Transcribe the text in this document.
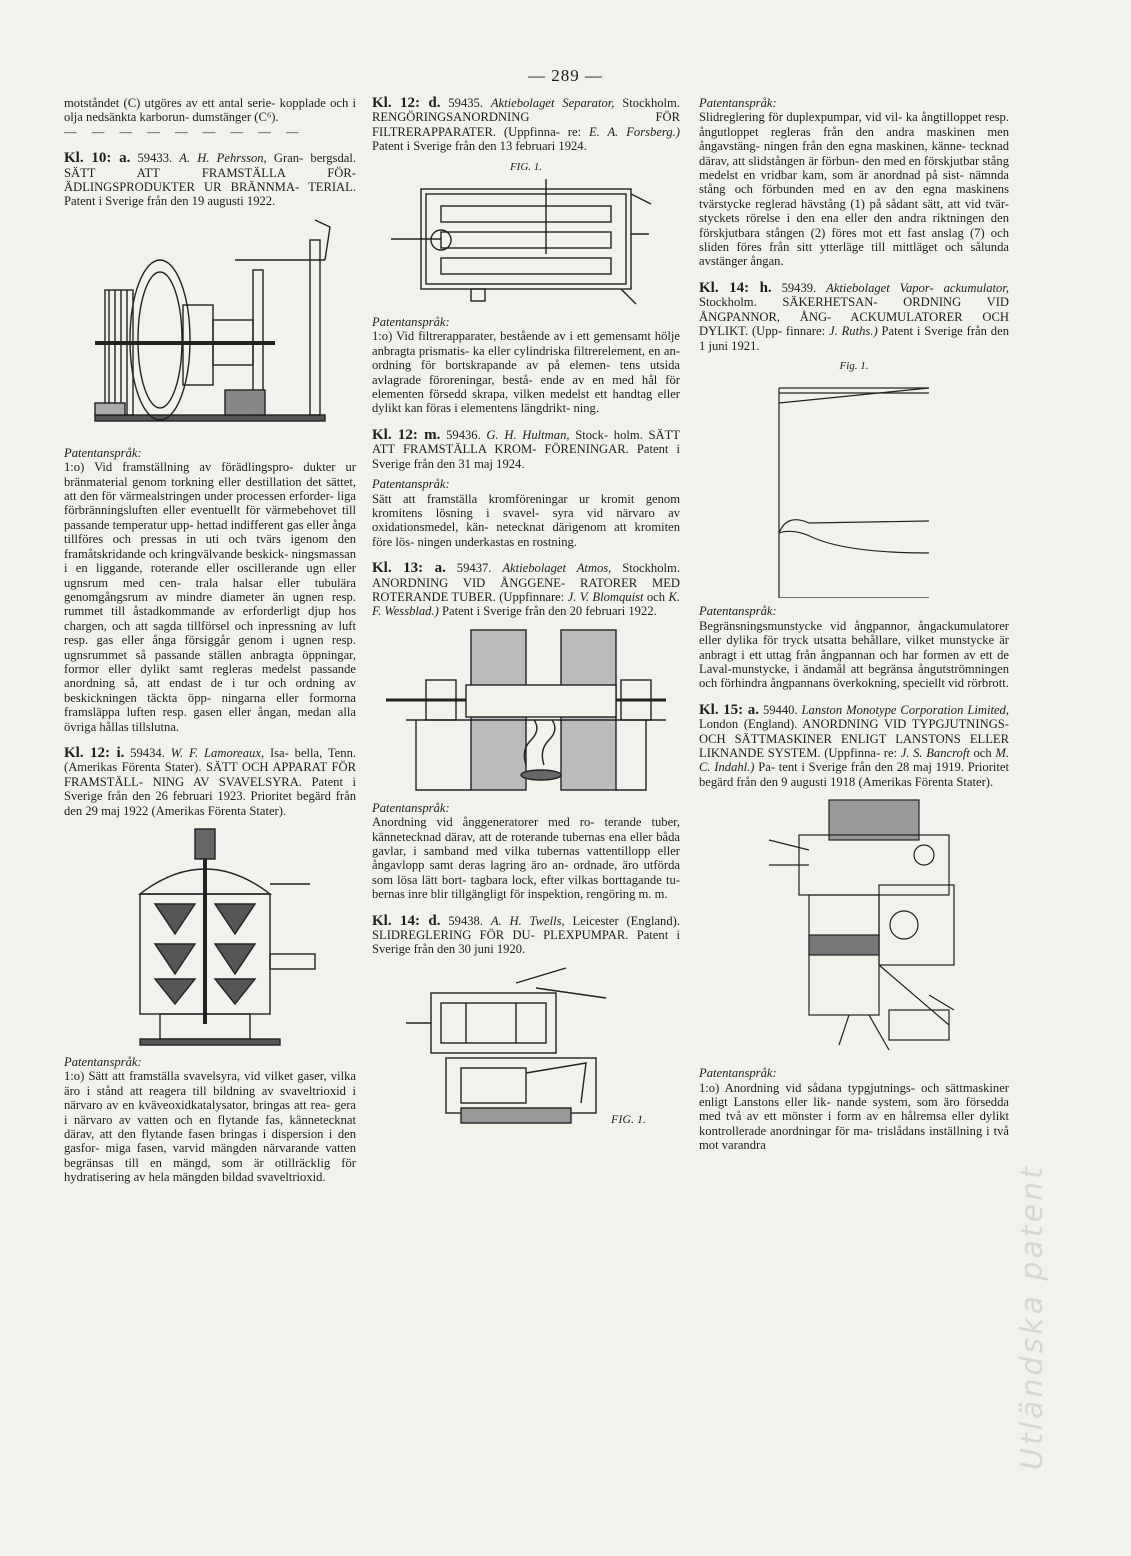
— 289 —

motståndet (C) utgöres av ett antal serie- kopplade och i olja nedsänkta karborun- dumstänger (C⁶).

— — — — — — — — —

Kl. 10: a. 59433. A. H. Pehrsson, Gran- bergsdal. SÄTT ATT FRAMSTÄLLA FÖR- ÄDLINGSPRODUKTER UR BRÄNNMA- TERIAL. Patent i Sverige från den 19 augusti 1922.

Patentanspråk:

1:o) Vid framställning av förädlingspro- dukter ur bränmaterial genom torkning eller destillation det sättet, att den för värmealstringen under processen erforder- liga förbränningsluften eller eventuellt för värmebehovet till passande temperatur upp- hettad indifferent gas eller ånga tillföres och pressas in uti och tvärs igenom den framåtskridande och kringvälvande beskick- ningsmassan i en liggande, roterande eller oscillerande ugn eller ugnsrum med cen- trala halsar eller tubulära genomgångsrum av mindre diameter än ugnen resp. rummet till åstadkommande av erforderligt djup hos chargen, och att sagda tillförsel och inpressning av luft resp. gas eller ånga försiggår genom i ugnen resp. ugnsrummet så passande ställen anbragta öppningar, formor eller dylikt samt regleras medelst passande anordning så, att endast de i tur och ordning av beskickningen täckta öpp- ningarna eller formorna framsläppa luften resp. gasen eller ångan, medan alla övriga hållas tillslutna.

Kl. 12: i. 59434. W. F. Lamoreaux, Isa- bella, Tenn. (Amerikas Förenta Stater). SÄTT OCH APPARAT FÖR FRAMSTÄLL- NING AV SVAVELSYRA. Patent i Sverige från den 26 februari 1923. Prioritet begärd från den 29 maj 1922 (Amerikas Förenta Stater).

Patentanspråk:

1:o) Sätt att framställa svavelsyra, vid vilket gaser, vilka äro i stånd att reagera till bildning av svaveltrioxid i närvaro av en kväveoxidkatalysator, bringas att rea- gera i närvaro av vatten och en flytande fas, kännetecknat därav, att den flytande fasen bringas i dispersion i den gasfor- miga fasen, varvid mängden närvarande vatten begränsas till en mängd, som är otillräcklig för hydratisering av hela mängden bildad svaveltrioxid.

Kl. 12: d. 59435. Aktiebolaget Separator, Stockholm. RENGÖRINGSANORDNING FÖR FILTRERAPPARATER. (Uppfinna- re: E. A. Forsberg.) Patent i Sverige från den 13 februari 1924.
FIG. 1.

Patentanspråk:

1:o) Vid filtrerapparater, bestående av i ett gemensamt hölje anbragta prismatis- ka eller cylindriska filtrerelement, en an- ordning för bortskrapande av på elemen- tens utsida avlagrade föroreningar, bestå- ende av en med hål för elementen försedd skrapa, vilken medelst ett handtag eller dylikt kan föras i elementens längdrikt- ning.

Kl. 12: m. 59436. G. H. Hultman, Stock- holm. SÄTT ATT FRAMSTÄLLA KROM- FÖRENINGAR. Patent i Sverige från den 31 maj 1924.

Patentanspråk:

Sätt att framställa kromföreningar ur kromit genom kromitens lösning i svavel- syra vid närvaro av oxidationsmedel, kän- netecknat därigenom att kromiten före lös- ningen underkastas en rostning.

Kl. 13: a. 59437. Aktiebolaget Atmos, Stockholm. ANORDNING VID ÅNGGENE- RATORER MED ROTERANDE TUBER. (Uppfinnare: J. V. Blomquist och K. F. Wessblad.) Patent i Sverige från den 20 februari 1922.

Patentanspråk:

Anordning vid ånggeneratorer med ro- terande tuber, kännetecknad därav, att de roterande tubernas ena eller båda gavlar, i samband med vilka tubernas vattentillopp eller ångavlopp samt deras lagring äro an- ordnade, äro utförda som lösa lätt bort- tagbara lock, efter vilkas borttagande tu- bernas inre blir tillgängligt för inspektion, rengöring m. m.

Kl. 14: d. 59438. A. H. Twells, Leicester (England). SLIDREGLERING FÖR DU- PLEXPUMPAR. Patent i Sverige från den 30 juni 1920.
FIG. 1.

Patentanspråk:

Slidreglering för duplexpumpar, vid vil- ka ångtilloppet resp. ångutloppet regleras från den andra maskinen men ångavstäng- ningen från den egna maskinen, känne- tecknad därav, att slidstången är förbun- den med en förskjutbar stång medelst en vridbar kam, som är anordnad på sist- nämnda stång och förbunden med en av den egna maskinens tvärstycke reglerad hävstång (1) på sådant sätt, att vid tvär- styckets rörelse i den ena eller den andra riktningen den förskjutbara stången (2) föres mot ett fast anslag (7) och sliden föres från sitt ytterläge till mittläget och sålunda avstänger ångan.

Kl. 14: h. 59439. Aktiebolaget Vapor- ackumulator, Stockholm. SÄKERHETSAN- ORDNING VID ÅNGPANNOR, ÅNG- ACKUMULATORER OCH DYLIKT. (Upp- finnare: J. Ruths.) Patent i Sverige från den 1 juni 1921.
Fig. 1.

Patentanspråk:

Begränsningsmunstycke vid ångpannor, ångackumulatorer eller dylika för tryck utsatta behållare, vilket munstycke är anbragt i ett uttag från ångpannan och har formen av ett de Laval-munstycke, i ändamål att begränsa ångutströmningen och förhindra ångpannans överkokning, speciellt vid rörbrott.

Kl. 15: a. 59440. Lanston Monotype Corporation Limited, London (England). ANORDNING VID TYPGJUTNINGS- OCH SÄTTMASKINER ENLIGT LANSTONS ELLER LIKNANDE SYSTEM. (Uppfinna- re: J. S. Bancroft och M. C. Indahl.) Pa- tent i Sverige från den 28 maj 1919. Prioritet begärd från den 9 augusti 1918 (Amerikas Förenta Stater).

Patentanspråk:

1:o) Anordning vid sådana typgjutnings- och sättmaskiner enligt Lanstons eller lik- nande system, som äro försedda med två av ett mönster i form av en hålremsa eller dylikt kontrollerade anordningar för ma- trislådans inställning i två mot varandra

Utländska patent
